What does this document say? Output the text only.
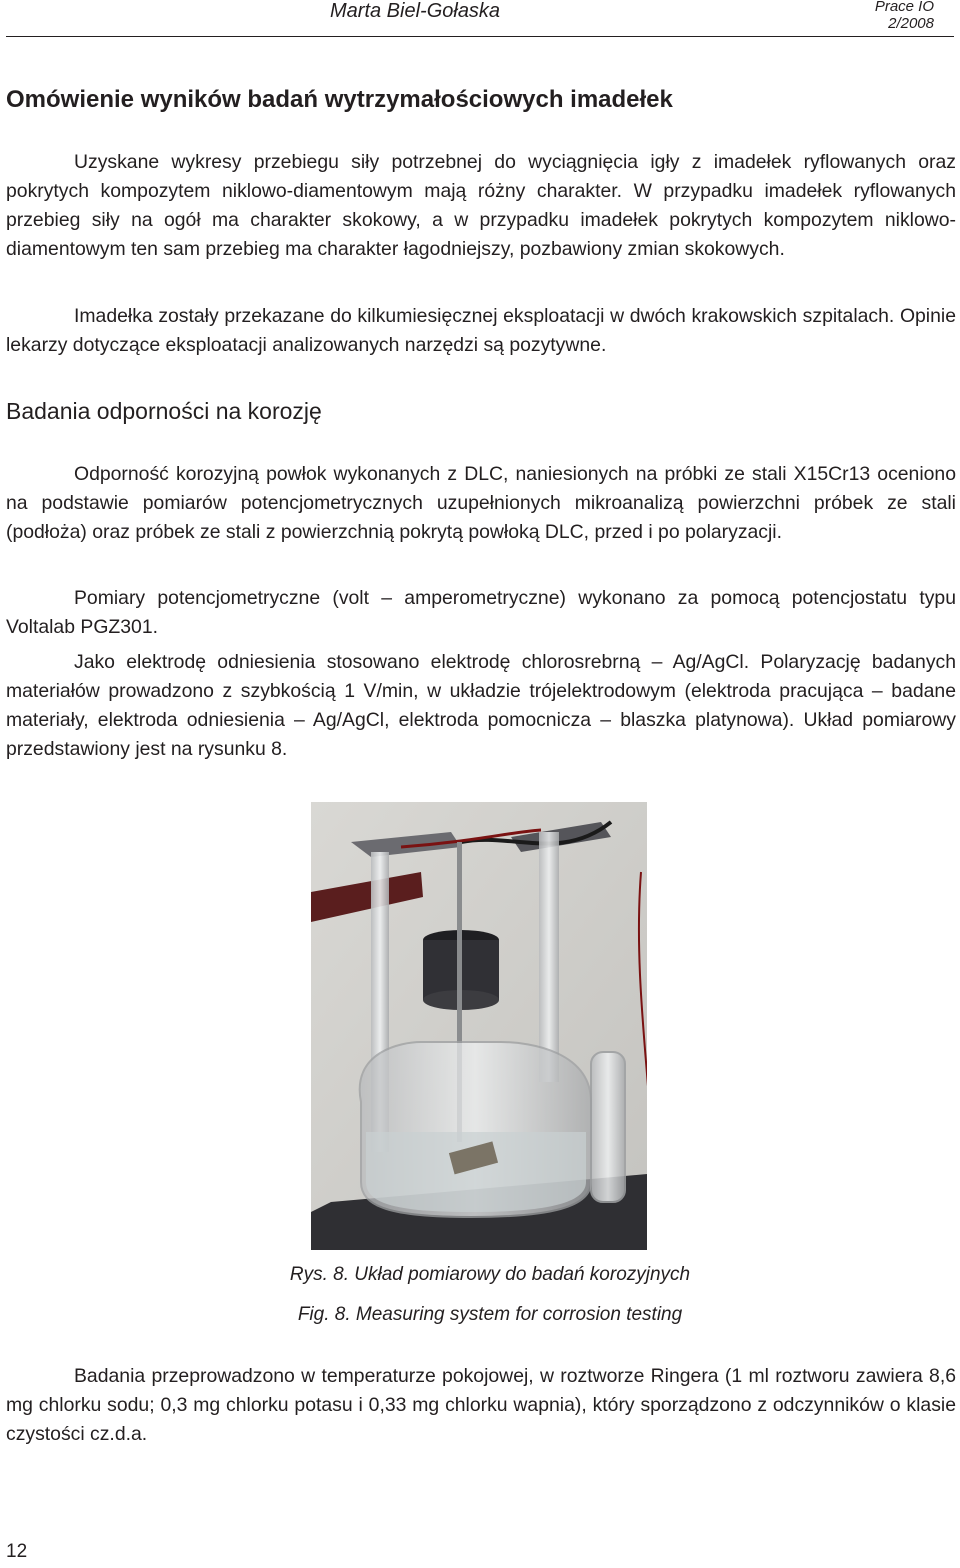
Marta Biel-Gołaska	Prace IO
2/2008
Omówienie wyników badań wytrzymałościowych imadełek

Uzyskane wykresy przebiegu siły potrzebnej do wyciągnięcia igły z imadełek ryflowanych oraz pokrytych kompozytem niklowo-diamentowym mają różny charakter. W przypadku imadełek ryflowanych przebieg siły na ogół ma charakter skokowy, a w przypadku imadełek pokrytych kompozytem niklowo-diamentowym ten sam przebieg ma charakter łagodniejszy, pozbawiony zmian skokowych.

Imadełka zostały przekazane do kilkumiesięcznej eksploatacji w dwóch krakowskich szpitalach. Opinie lekarzy dotyczące eksploatacji analizowanych narzędzi są pozytywne.

Badania odporności na korozję

Odporność korozyjną powłok wykonanych z DLC, naniesionych na próbki ze stali X15Cr13 oceniono na podstawie pomiarów potencjometrycznych uzupełnionych mikroanalizą powierzchni próbek ze stali (podłoża) oraz próbek ze stali z powierzchnią pokrytą powłoką DLC, przed i po polaryzacji.

Pomiary potencjometryczne (volt – amperometryczne) wykonano za pomocą potencjostatu typu Voltalab PGZ301.

Jako elektrodę odniesienia stosowano elektrodę chlorosrebrną – Ag/AgCl. Polaryzację badanych materiałów prowadzono z szybkością 1 V/min, w układzie trójelektrodowym (elektroda pracująca – badane materiały, elektroda odniesienia – Ag/AgCl, elektroda pomocnicza – blaszka platynowa). Układ pomiarowy przedstawiony jest na rysunku 8.

Rys. 8. Układ pomiarowy do badań korozyjnych

Fig. 8. Measuring system for corrosion testing

Badania przeprowadzono w temperaturze pokojowej, w roztworze Ringera (1 ml roztworu zawiera 8,6 mg chlorku sodu; 0,3 mg chlorku potasu i 0,33 mg chlorku wapnia), który sporządzono z odczynników o klasie czystości cz.d.a.

12
